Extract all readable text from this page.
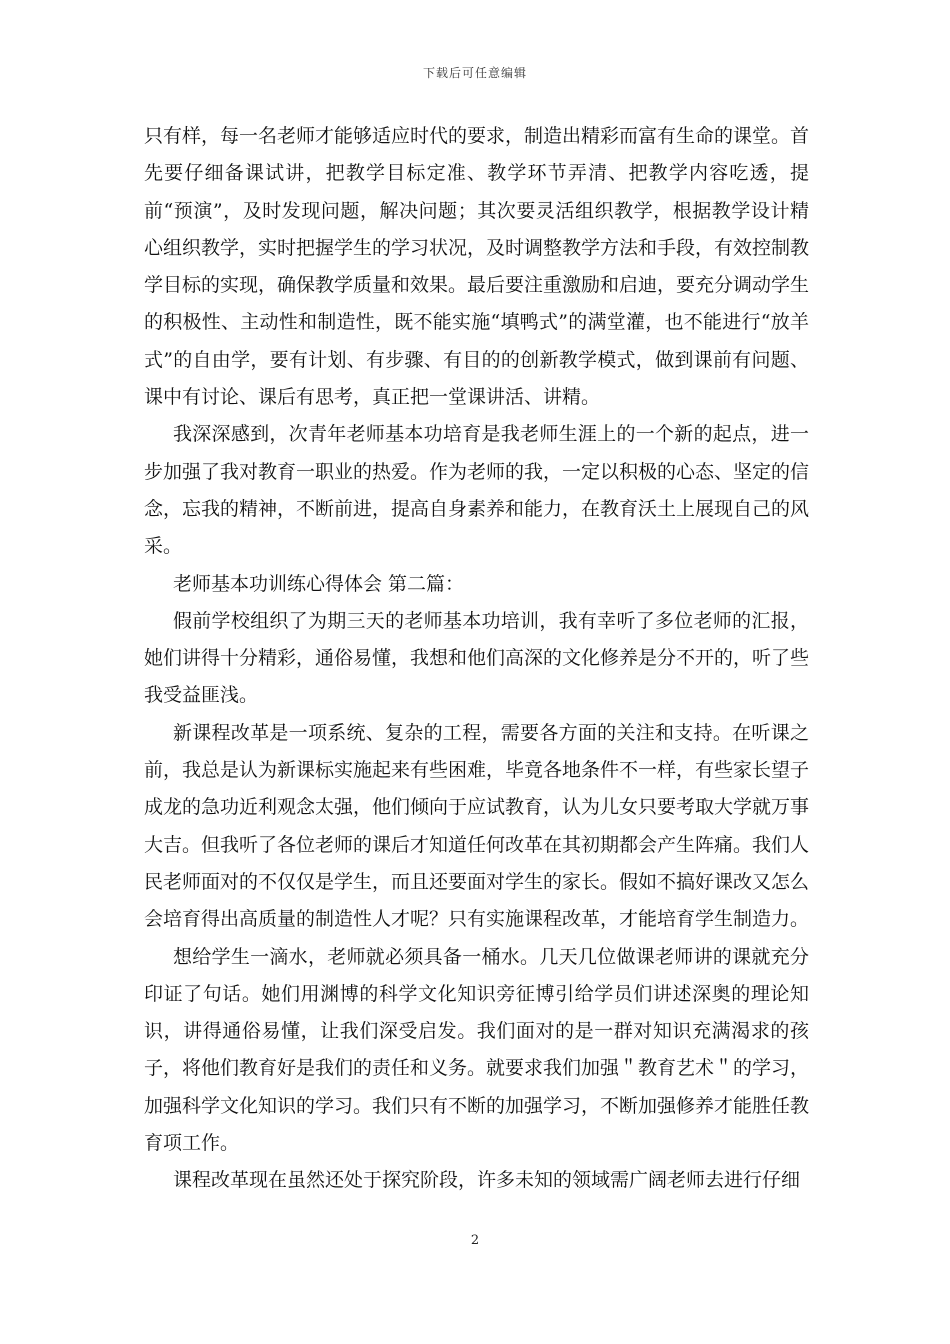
下载后可任意编辑

只有样，每一名老师才能够适应时代的要求，制造出精彩而富有生命的课堂。首先要仔细备课试讲，把教学目标定准、教学环节弄清、把教学内容吃透，提前“预演”，及时发现问题，解决问题；其次要灵活组织教学，根据教学设计精心组织教学，实时把握学生的学习状况，及时调整教学方法和手段，有效控制教学目标的实现，确保教学质量和效果。最后要注重激励和启迪，要充分调动学生的积极性、主动性和制造性，既不能实施“填鸭式”的满堂灌，也不能进行“放羊式”的自由学，要有计划、有步骤、有目的的创新教学模式，做到课前有问题、课中有讨论、课后有思考，真正把一堂课讲活、讲精。

我深深感到，次青年老师基本功培育是我老师生涯上的一个新的起点，进一步加强了我对教育一职业的热爱。作为老师的我，一定以积极的心态、坚定的信念，忘我的精神，不断前进，提高自身素养和能力，在教育沃土上展现自己的风采。

老师基本功训练心得体会 第二篇：

假前学校组织了为期三天的老师基本功培训，我有幸听了多位老师的汇报，她们讲得十分精彩，通俗易懂，我想和他们高深的文化修养是分不开的，听了些我受益匪浅。

新课程改革是一项系统、复杂的工程，需要各方面的关注和支持。在听课之前，我总是认为新课标实施起来有些困难，毕竟各地条件不一样，有些家长望子成龙的急功近利观念太强，他们倾向于应试教育，认为儿女只要考取大学就万事大吉。但我听了各位老师的课后才知道任何改革在其初期都会产生阵痛。我们人民老师面对的不仅仅是学生，而且还要面对学生的家长。假如不搞好课改又怎么会培育得出高质量的制造性人才呢？只有实施课程改革，才能培育学生制造力。

想给学生一滴水，老师就必须具备一桶水。几天几位做课老师讲的课就充分印证了句话。她们用渊博的科学文化知识旁征博引给学员们讲述深奥的理论知识，讲得通俗易懂，让我们深受启发。我们面对的是一群对知识充满渴求的孩子，将他们教育好是我们的责任和义务。就要求我们加强＂教育艺术＂的学习，加强科学文化知识的学习。我们只有不断的加强学习，不断加强修养才能胜任教育项工作。

课程改革现在虽然还处于探究阶段，许多未知的领域需广阔老师去进行仔细

2
